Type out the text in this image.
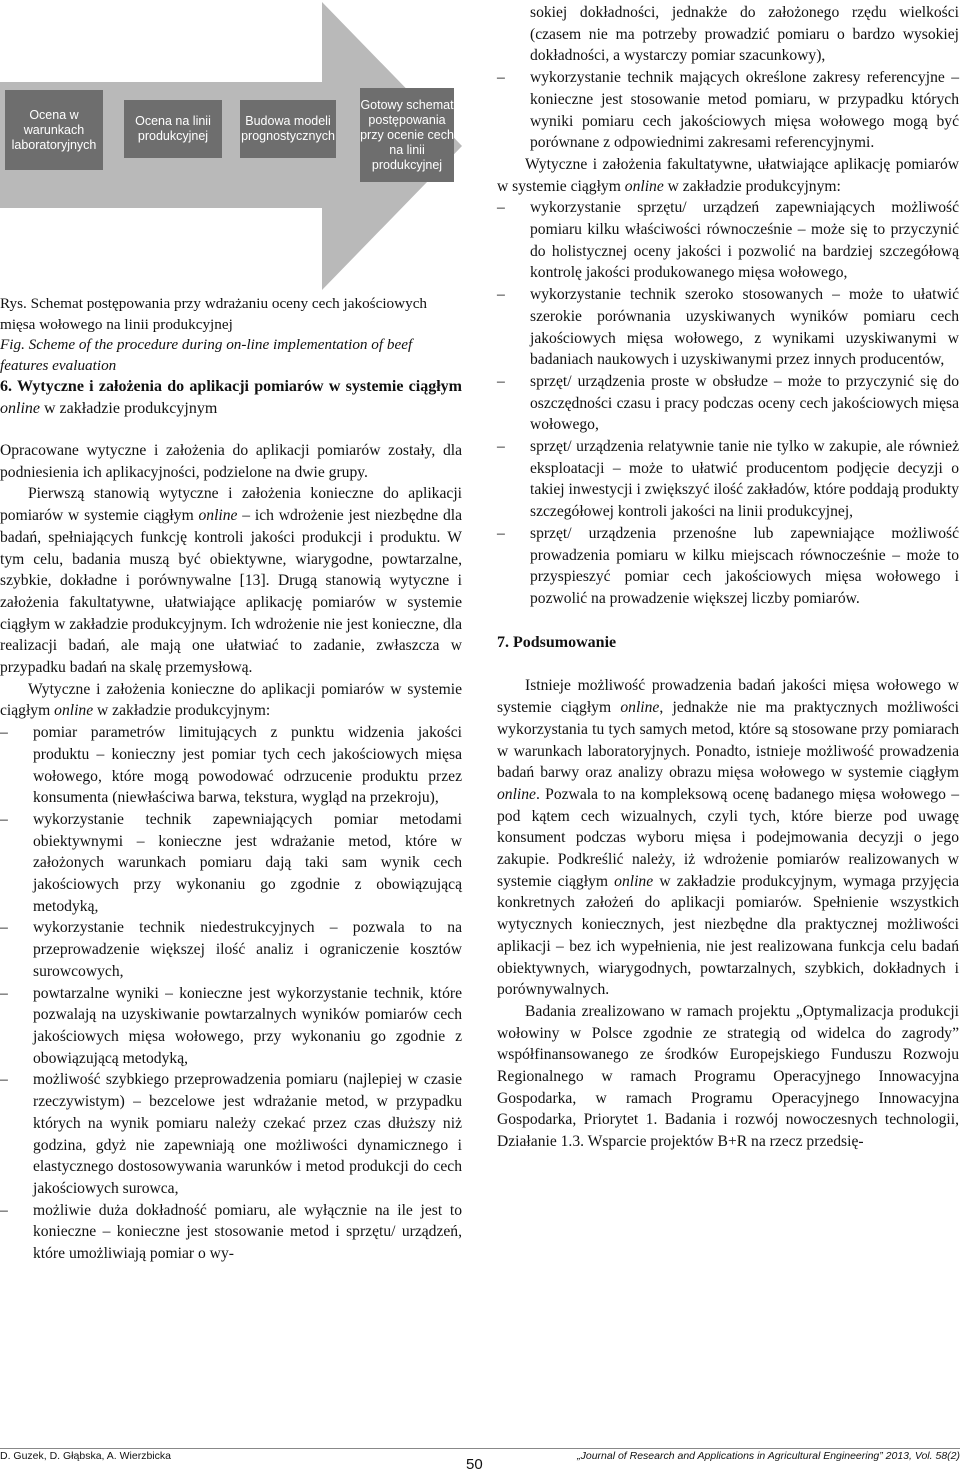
Ocena w warunkach laboratoryjnych
Ocena na linii produkcyjnej
Budowa modeli prognostycznych
Gotowy schemat postępowania przy ocenie cech na linii produkcyjnej

Rys. Schemat postępowania przy wdrażaniu oceny cech jakościowych mięsa wołowego na linii produkcyjnej

Fig. Scheme of the procedure during on-line implementation of beef features evaluation

6. Wytyczne i założenia do aplikacji pomiarów w systemie ciągłym online w zakładzie produkcyjnym

Opracowane wytyczne i założenia do aplikacji pomiarów zostały, dla podniesienia ich aplikacyjności, podzielone na dwie grupy.

Pierwszą stanowią wytyczne i założenia konieczne do aplikacji pomiarów w systemie ciągłym online – ich wdrożenie jest niezbędne dla badań, spełniających funkcję kontroli jakości produkcji i produktu. W tym celu, badania muszą być obiektywne, wiarygodne, powtarzalne, szybkie, dokładne i porównywalne [13]. Drugą stanowią wytyczne i założenia fakultatywne, ułatwiające aplikację pomiarów w systemie ciągłym w zakładzie produkcyjnym. Ich wdrożenie nie jest konieczne, dla realizacji badań, ale mają one ułatwiać to zadanie, zwłaszcza w przypadku badań na skalę przemysłową.

Wytyczne i założenia konieczne do aplikacji pomiarów w systemie ciągłym online w zakładzie produkcyjnym:

–	pomiar parametrów limitujących z punktu widzenia jakości produktu – konieczny jest pomiar tych cech jakościowych mięsa wołowego, które mogą powodować odrzucenie produktu przez konsumenta (niewłaściwa barwa, tekstura, wygląd na przekroju),
–	wykorzystanie technik zapewniających pomiar metodami obiektywnymi – konieczne jest wdrażanie metod, które w założonych warunkach pomiaru dają taki sam wynik cech jakościowych przy wykonaniu go zgodnie z obowiązującą metodyką,
–	wykorzystanie technik niedestrukcyjnych – pozwala to na przeprowadzenie większej ilość analiz i ograniczenie kosztów surowcowych,
–	powtarzalne wyniki – konieczne jest wykorzystanie technik, które pozwalają na uzyskiwanie powtarzalnych wyników pomiarów cech jakościowych mięsa wołowego, przy wykonaniu go zgodnie z obowiązującą metodyką,
–	możliwość szybkiego przeprowadzenia pomiaru (najlepiej w czasie rzeczywistym) – bezcelowe jest wdrażanie metod, w przypadku których na wynik pomiaru należy czekać przez czas dłuższy niż godzina, gdyż nie zapewniają one możliwości dynamicznego i elastycznego dostosowywania warunków i metod produkcji do cech jakościowych surowca,
–	możliwie duża dokładność pomiaru, ale wyłącznie na ile jest to konieczne – konieczne jest stosowanie metod i sprzętu/ urządzeń, które umożliwiają pomiar o wy-
sokiej dokładności, jednakże do założonego rzędu wielkości (czasem nie ma potrzeby prowadzić pomiaru o bardzo wysokiej dokładności, a wystarczy pomiar szacunkowy),
–	wykorzystanie technik mających określone zakresy referencyjne – konieczne jest stosowanie metod pomiaru, w przypadku których wyniki pomiaru cech jakościowych mięsa wołowego mogą być porównane z odpowiednimi zakresami referencyjnymi.

Wytyczne i założenia fakultatywne, ułatwiające aplikację pomiarów w systemie ciągłym online w zakładzie produkcyjnym:

–	wykorzystanie sprzętu/ urządzeń zapewniających możliwość pomiaru kilku właściwości równocześnie – może się to przyczynić do holistycznej oceny jakości i pozwolić na bardziej szczegółową kontrolę jakości produkowanego mięsa wołowego,
–	wykorzystanie technik szeroko stosowanych – może to ułatwić szerokie porównania uzyskiwanych wyników pomiaru cech jakościowych mięsa wołowego, z wynikami uzyskiwanymi w badaniach naukowych i uzyskiwanymi przez innych producentów,
–	sprzęt/ urządzenia proste w obsłudze – może to przyczynić się do oszczędności czasu i pracy podczas oceny cech jakościowych mięsa wołowego,
–	sprzęt/ urządzenia relatywnie tanie nie tylko w zakupie, ale również eksploatacji – może to ułatwić producentom podjęcie decyzji o takiej inwestycji i zwiększyć ilość zakładów, które poddają produkty szczegółowej kontroli jakości na linii produkcyjnej,
–	sprzęt/ urządzenia przenośne lub zapewniające możliwość prowadzenia pomiaru w kilku miejscach równocześnie – może to przyspieszyć pomiar cech jakościowych mięsa wołowego i pozwolić na prowadzenie większej liczby pomiarów.
7. Podsumowanie

Istnieje możliwość prowadzenia badań jakości mięsa wołowego w systemie ciągłym online, jednakże nie ma praktycznych możliwości wykorzystania tu tych samych metod, które są stosowane przy pomiarach w warunkach laboratoryjnych. Ponadto, istnieje możliwość prowadzenia badań barwy oraz analizy obrazu mięsa wołowego w systemie ciągłym online. Pozwala to na kompleksową ocenę badanego mięsa wołowego – pod kątem cech wizualnych, czyli tych, które bierze pod uwagę konsument podczas wyboru mięsa i podejmowania decyzji o jego zakupie. Podkreślić należy, iż wdrożenie pomiarów realizowanych w systemie ciągłym online w zakładzie produkcyjnym, wymaga przyjęcia konkretnych założeń do aplikacji pomiarów. Spełnienie wszystkich wytycznych koniecznych, jest niezbędne dla praktycznej możliwości aplikacji – bez ich wypełnienia, nie jest realizowana funkcja celu badań obiektywnych, wiarygodnych, powtarzalnych, szybkich, dokładnych i porównywalnych.

Badania zrealizowano w ramach projektu „Optymalizacja produkcji wołowiny w Polsce zgodnie ze strategią od widelca do zagrody” współfinansowanego ze środków Europejskiego Funduszu Rozwoju Regionalnego w ramach Programu Operacyjnego Innowacyjna Gospodarka, w ramach Programu Operacyjnego Innowacyjna Gospodarka, Priorytet 1. Badania i rozwój nowoczesnych technologii, Działanie 1.3. Wsparcie projektów B+R na rzecz przedsię-

D. Guzek, D. Głąbska, A. Wierzbicka	50	„Journal of Research and Applications in Agricultural Engineering” 2013, Vol. 58(2)
